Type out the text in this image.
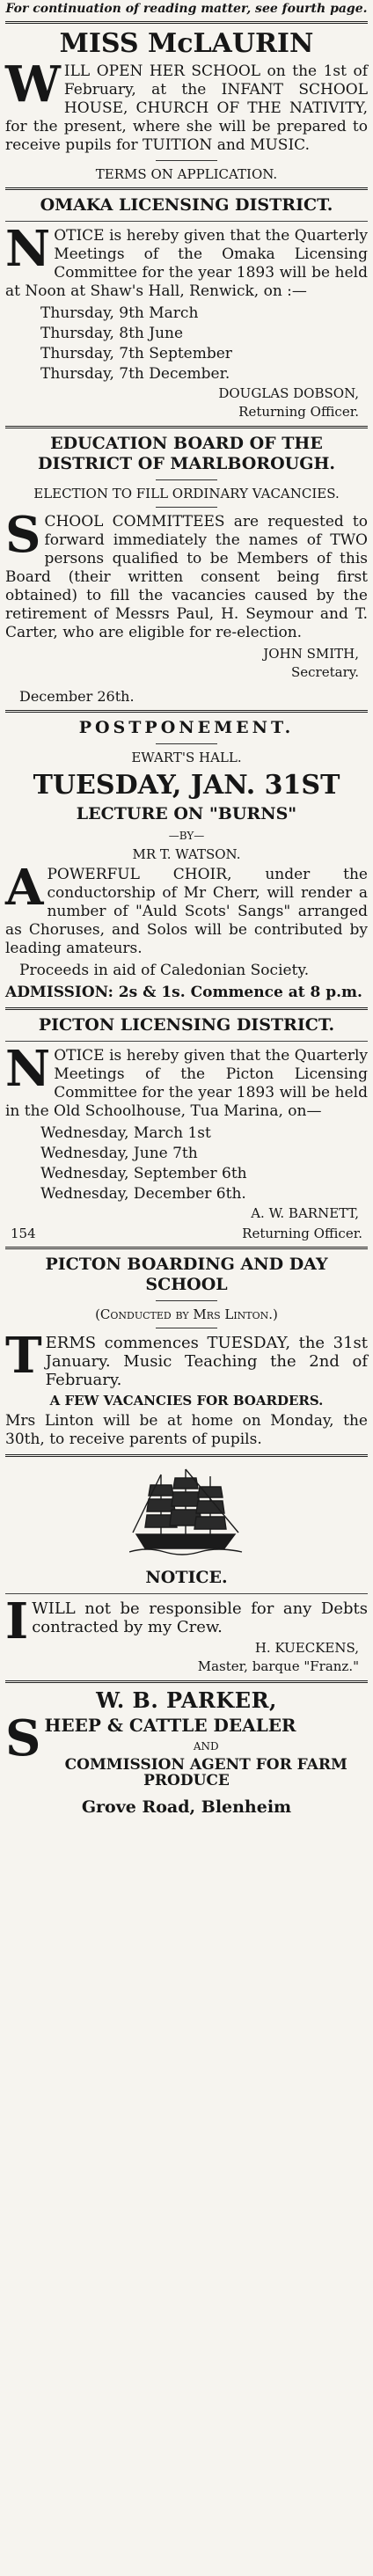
For continuation of reading matter, see fourth page.
MISS McLAURIN
WILL OPEN HER SCHOOL on the 1st of February, at the INFANT SCHOOL HOUSE, CHURCH OF THE NATIVITY, for the present, where she will be prepared to receive pupils for TUITION and MUSIC.
TERMS ON APPLICATION.
OMAKA LICENSING DISTRICT.
NOTICE is hereby given that the Quarterly Meetings of the Omaka Licensing Committee for the year 1893 will be held at Noon at Shaw's Hall, Renwick, on :—
Thursday, 9th March
Thursday, 8th June
Thursday, 7th September
Thursday, 7th December.
DOUGLAS DOBSON,
Returning Officer.
EDUCATION BOARD OF THE DISTRICT OF MARLBOROUGH.
ELECTION TO FILL ORDINARY VACANCIES.
SCHOOL COMMITTEES are requested to forward immediately the names of TWO persons qualified to be Members of this Board (their written consent being first obtained) to fill the vacancies caused by the retirement of Messrs Paul, H. Seymour and T. Carter, who are eligible for re-election.
JOHN SMITH,
Secretary.
December 26th.
POSTPONEMENT.
EWART'S HALL.
TUESDAY, JAN. 31ST
LECTURE ON "BURNS"
—BY—
MR T. WATSON.
APOWERFUL CHOIR, under the conductorship of Mr Cherr, will render a number of "Auld Scots' Sangs" arranged as Choruses, and Solos will be contributed by leading amateurs.
Proceeds in aid of Caledonian Society.
ADMISSION: 2s & 1s. Commence at 8 p.m.
PICTON LICENSING DISTRICT.
NOTICE is hereby given that the Quarterly Meetings of the Picton Licensing Committee for the year 1893 will be held in the Old Schoolhouse, Tua Marina, on—
Wednesday, March 1st
Wednesday, June 7th
Wednesday, September 6th
Wednesday, December 6th.
A. W. BARNETT,
154	Returning Officer.
PICTON BOARDING AND DAY SCHOOL
(Conducted by Mrs Linton.)
TERMS commences TUESDAY, the 31st January. Music Teaching the 2nd of February.
A FEW VACANCIES FOR BOARDERS.
Mrs Linton will be at home on Monday, the 30th, to receive parents of pupils.
NOTICE.
IWILL not be responsible for any Debts contracted by my Crew.
H. KUECKENS,
Master, barque "Franz."
W. B. PARKER,
SHEEP & CATTLE DEALER
AND
COMMISSION AGENT FOR FARM PRODUCE
Grove Road, Blenheim
